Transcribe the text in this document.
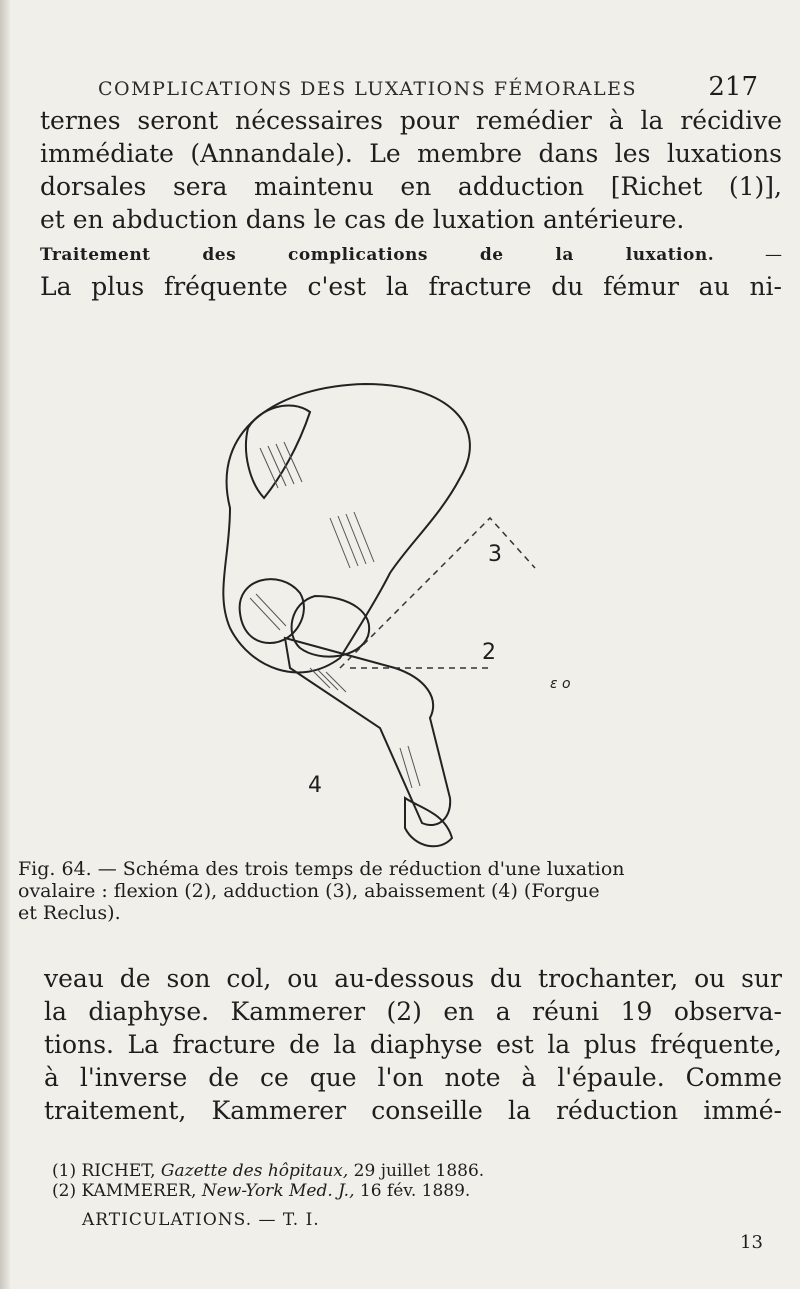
COMPLICATIONS DES LUXATIONS FÉMORALES	217

ternes seront nécessaires pour remédier à la récidive
immédiate (Annandale). Le membre dans les luxations
dorsales sera maintenu en adduction [Richet (1)],
et en abduction dans le cas de luxation antérieure.

Traitement des complications de la luxation.	—
La plus fréquente c'est la fracture du fémur au ni-

3
2
4
ε o

Fig. 64. — Schéma des trois temps de réduction d'une luxation
ovalaire : flexion (2), adduction (3), abaissement (4) (Forgue
et Reclus).

veau de son col, ou au-dessous du trochanter, ou sur
la diaphyse. Kammerer (2) en a réuni 19 observa-
tions. La fracture de la diaphyse est la plus fréquente,
à l'inverse de ce que l'on note à l'épaule. Comme
traitement, Kammerer conseille la réduction immé-

(1) RICHET, Gazette des hôpitaux, 29 juillet 1886.
(2) KAMMERER, New-York Med. J., 16 fév. 1889.
ARTICULATIONS. — T. I.
13
